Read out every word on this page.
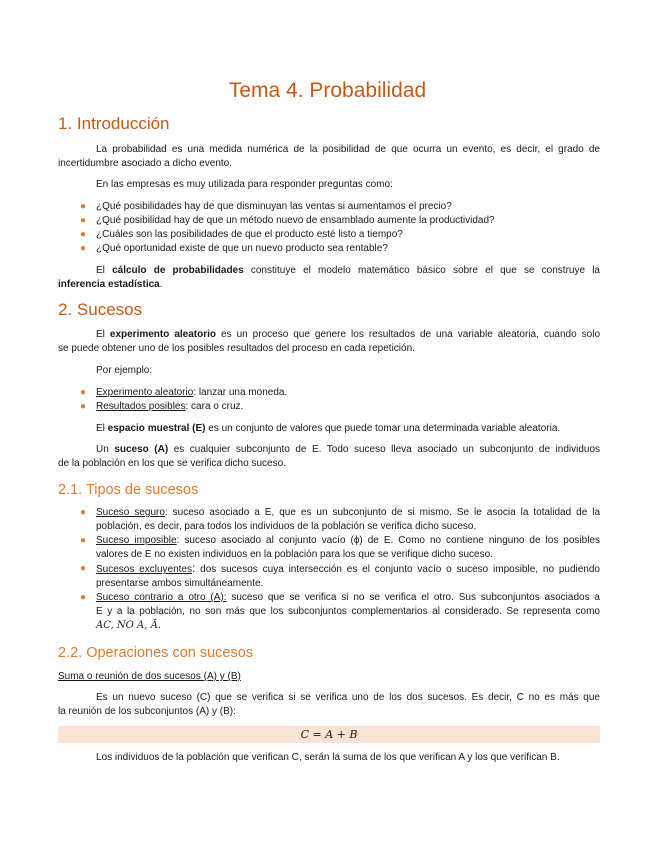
Tema 4. Probabilidad
1. Introducción
La probabilidad es una medida numérica de la posibilidad de que ocurra un evento, es decir, el grado de
incertidumbre asociado a dicho evento.
En las empresas es muy utilizada para responder preguntas como:
● ¿Qué posibilidades hay de que disminuyan las ventas si aumentamos el precio?
● ¿Qué posibilidad hay de que un método nuevo de ensamblado aumente la productividad?
● ¿Cuáles son las posibilidades de que el producto esté listo a tiempo?
● ¿Qué oportunidad existe de que un nuevo producto sea rentable?
El cálculo de probabilidades constituye el modelo matemático básico sobre el que se construye la
inferencia estadística.
2. Sucesos
El experimento aleatorio es un proceso que genere los resultados de una variable aleatoria, cuando solo
se puede obtener uno de los posibles resultados del proceso en cada repetición.
Por ejemplo:
● Experimento aleatorio: lanzar una moneda.
● Resultados posibles: cara o cruz.
El espacio muestral (E) es un conjunto de valores que puede tomar una determinada variable aleatoria.
Un suceso (A) es cualquier subconjunto de E. Todo suceso lleva asociado un subconjunto de individuos
de la población en los que se verifica dicho suceso.
2.1. Tipos de sucesos
● Suceso seguro: suceso asociado a E, que es un subconjunto de si mismo. Se le asocia la totalidad de la
población, es decir, para todos los individuos de la población se verifica dicho suceso.
● Suceso imposible: suceso asociado al conjunto vacío (ϕ) de E. Como no contiene ninguno de los posibles
valores de E no existen individuos en la población para los que se verifique dicho suceso.
● Sucesos excluyentes: dos sucesos cuya intersección es el conjunto vacío o suceso imposible, no pudiendo
presentarse ambos simultáneamente.
● Suceso contrario a otro (A): suceso que se verifica si no se verifica el otro. Sus subconjuntos asociados a
E y a la población, no son más que los subconjuntos complementarios al considerado. Se representa como
AC, NO A, Ā.
2.2. Operaciones con sucesos
Suma o reunión de dos sucesos (A) y (B)
Es un nuevo suceso (C) que se verifica si se verifica uno de los dos sucesos. Es decir, C no es más que
la reunión de los subconjuntos (A) y (B):
C = A + B
Los individuos de la población que verifican C, serán la suma de los que verifican A y los que verifican B.
